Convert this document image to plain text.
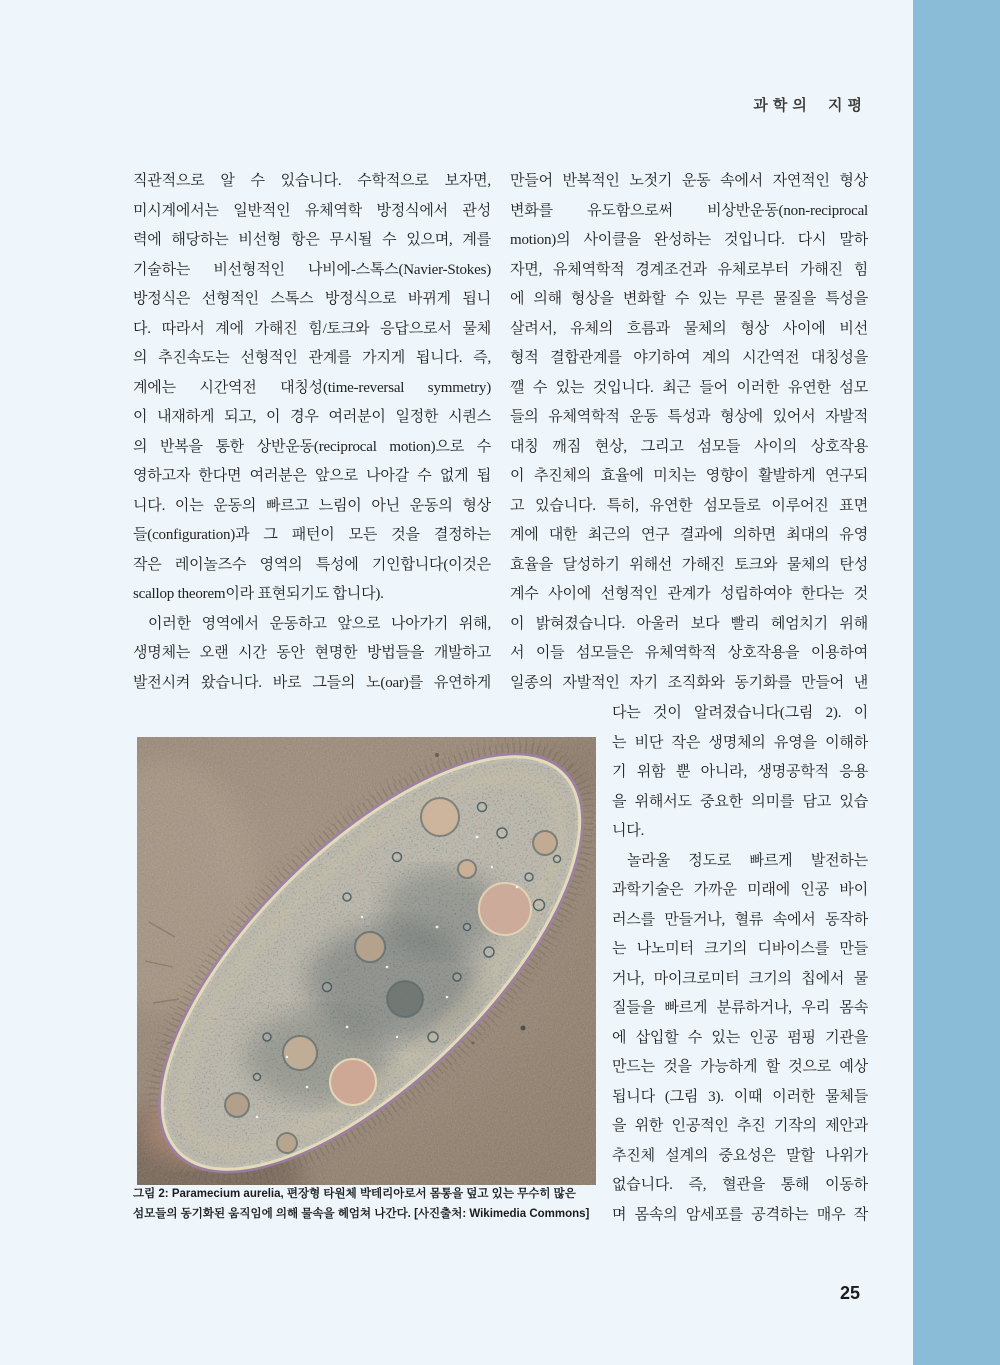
과학의 지평
직관적으로 알 수 있습니다. 수학적으로 보자면,
미시계에서는 일반적인 유체역학 방정식에서 관성
력에 해당하는 비선형 항은 무시될 수 있으며, 계를
기술하는 비선형적인 나비에-스톡스(Navier-Stokes)
방정식은 선형적인 스톡스 방정식으로 바뀌게 됩니
다. 따라서 계에 가해진 힘/토크와 응답으로서 물체
의 추진속도는 선형적인 관계를 가지게 됩니다. 즉,
계에는 시간역전 대칭성(time-reversal symmetry)
이 내재하게 되고, 이 경우 여러분이 일정한 시퀀스
의 반복을 통한 상반운동(reciprocal motion)으로 수
영하고자 한다면 여러분은 앞으로 나아갈 수 없게 됩
니다. 이는 운동의 빠르고 느림이 아닌 운동의 형상
들(configuration)과 그 패턴이 모든 것을 결정하는
작은 레이놀즈수 영역의 특성에 기인합니다(이것은
scallop theorem이라 표현되기도 합니다).
이러한 영역에서 운동하고 앞으로 나아가기 위해,
생명체는 오랜 시간 동안 현명한 방법들을 개발하고
발전시켜 왔습니다. 바로 그들의 노(oar)를 유연하게
만들어 반복적인 노젓기 운동 속에서 자연적인 형상
변화를 유도함으로써 비상반운동(non-reciprocal
motion)의 사이클을 완성하는 것입니다. 다시 말하
자면, 유체역학적 경계조건과 유체로부터 가해진 힘
에 의해 형상을 변화할 수 있는 무른 물질을 특성을
살려서, 유체의 흐름과 물체의 형상 사이에 비선
형적 결합관계를 야기하여 계의 시간역전 대칭성을
깰 수 있는 것입니다. 최근 들어 이러한 유연한 섬모
들의 유체역학적 운동 특성과 형상에 있어서 자발적
대칭 깨짐 현상, 그리고 섬모들 사이의 상호작용
이 추진체의 효율에 미치는 영향이 활발하게 연구되
고 있습니다. 특히, 유연한 섬모들로 이루어진 표면
계에 대한 최근의 연구 결과에 의하면 최대의 유영
효율을 달성하기 위해선 가해진 토크와 물체의 탄성
계수 사이에 선형적인 관계가 성립하여야 한다는 것
이 밝혀졌습니다. 아울러 보다 빨리 헤엄치기 위해
서 이들 섬모들은 유체역학적 상호작용을 이용하여
일종의 자발적인 자기 조직화와 동기화를 만들어 낸
다는 것이 알려졌습니다(그림 2). 이
는 비단 작은 생명체의 유영을 이해하
기 위함 뿐 아니라, 생명공학적 응용
을 위해서도 중요한 의미를 담고 있습
니다.
놀라울 정도로 빠르게 발전하는
과학기술은 가까운 미래에 인공 바이
러스를 만들거나, 혈류 속에서 동작하
는 나노미터 크기의 디바이스를 만들
거나, 마이크로미터 크기의 칩에서 물
질들을 빠르게 분류하거나, 우리 몸속
에 삽입할 수 있는 인공 펌핑 기관을
만드는 것을 가능하게 할 것으로 예상
됩니다 (그림 3). 이때 이러한 물체들
을 위한 인공적인 추진 기작의 제안과
추진체 설계의 중요성은 말할 나위가
없습니다. 즉, 혈관을 통해 이동하
며 몸속의 암세포를 공격하는 매우 작
그림 2: Paramecium aurelia, 편장형 타원체 박테리아로서 몸통을 덮고 있는 무수히 많은
섬모들의 동기화된 움직임에 의해 물속을 헤엄쳐 나간다. [사진출처: Wikimedia Commons]
25
